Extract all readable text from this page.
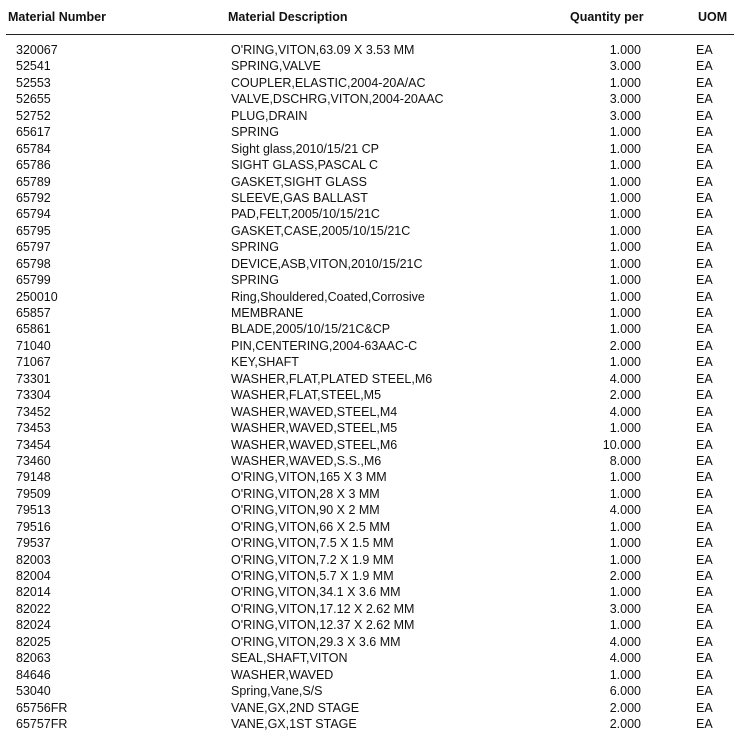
Material Number	Material Description	Quantity per	UOM
320067	O'RING,VITON,63.09 X 3.53 MM	1.000	EA
52541	SPRING,VALVE	3.000	EA
52553	COUPLER,ELASTIC,2004-20A/AC	1.000	EA
52655	VALVE,DSCHRG,VITON,2004-20AAC	3.000	EA
52752	PLUG,DRAIN	3.000	EA
65617	SPRING	1.000	EA
65784	Sight glass,2010/15/21 CP	1.000	EA
65786	SIGHT GLASS,PASCAL C	1.000	EA
65789	GASKET,SIGHT GLASS	1.000	EA
65792	SLEEVE,GAS BALLAST	1.000	EA
65794	PAD,FELT,2005/10/15/21C	1.000	EA
65795	GASKET,CASE,2005/10/15/21C	1.000	EA
65797	SPRING	1.000	EA
65798	DEVICE,ASB,VITON,2010/15/21C	1.000	EA
65799	SPRING	1.000	EA
250010	Ring,Shouldered,Coated,Corrosive	1.000	EA
65857	MEMBRANE	1.000	EA
65861	BLADE,2005/10/15/21C&CP	1.000	EA
71040	PIN,CENTERING,2004-63AAC-C	2.000	EA
71067	KEY,SHAFT	1.000	EA
73301	WASHER,FLAT,PLATED STEEL,M6	4.000	EA
73304	WASHER,FLAT,STEEL,M5	2.000	EA
73452	WASHER,WAVED,STEEL,M4	4.000	EA
73453	WASHER,WAVED,STEEL,M5	1.000	EA
73454	WASHER,WAVED,STEEL,M6	10.000	EA
73460	WASHER,WAVED,S.S.,M6	8.000	EA
79148	O'RING,VITON,165 X 3 MM	1.000	EA
79509	O'RING,VITON,28 X 3 MM	1.000	EA
79513	O'RING,VITON,90 X 2 MM	4.000	EA
79516	O'RING,VITON,66 X 2.5 MM	1.000	EA
79537	O'RING,VITON,7.5 X 1.5 MM	1.000	EA
82003	O'RING,VITON,7.2 X 1.9 MM	1.000	EA
82004	O'RING,VITON,5.7 X 1.9 MM	2.000	EA
82014	O'RING,VITON,34.1 X 3.6 MM	1.000	EA
82022	O'RING,VITON,17.12 X 2.62 MM	3.000	EA
82024	O'RING,VITON,12.37 X 2.62 MM	1.000	EA
82025	O'RING,VITON,29.3 X 3.6 MM	4.000	EA
82063	SEAL,SHAFT,VITON	4.000	EA
84646	WASHER,WAVED	1.000	EA
53040	Spring,Vane,S/S	6.000	EA
65756FR	VANE,GX,2ND STAGE	2.000	EA
65757FR	VANE,GX,1ST STAGE	2.000	EA
